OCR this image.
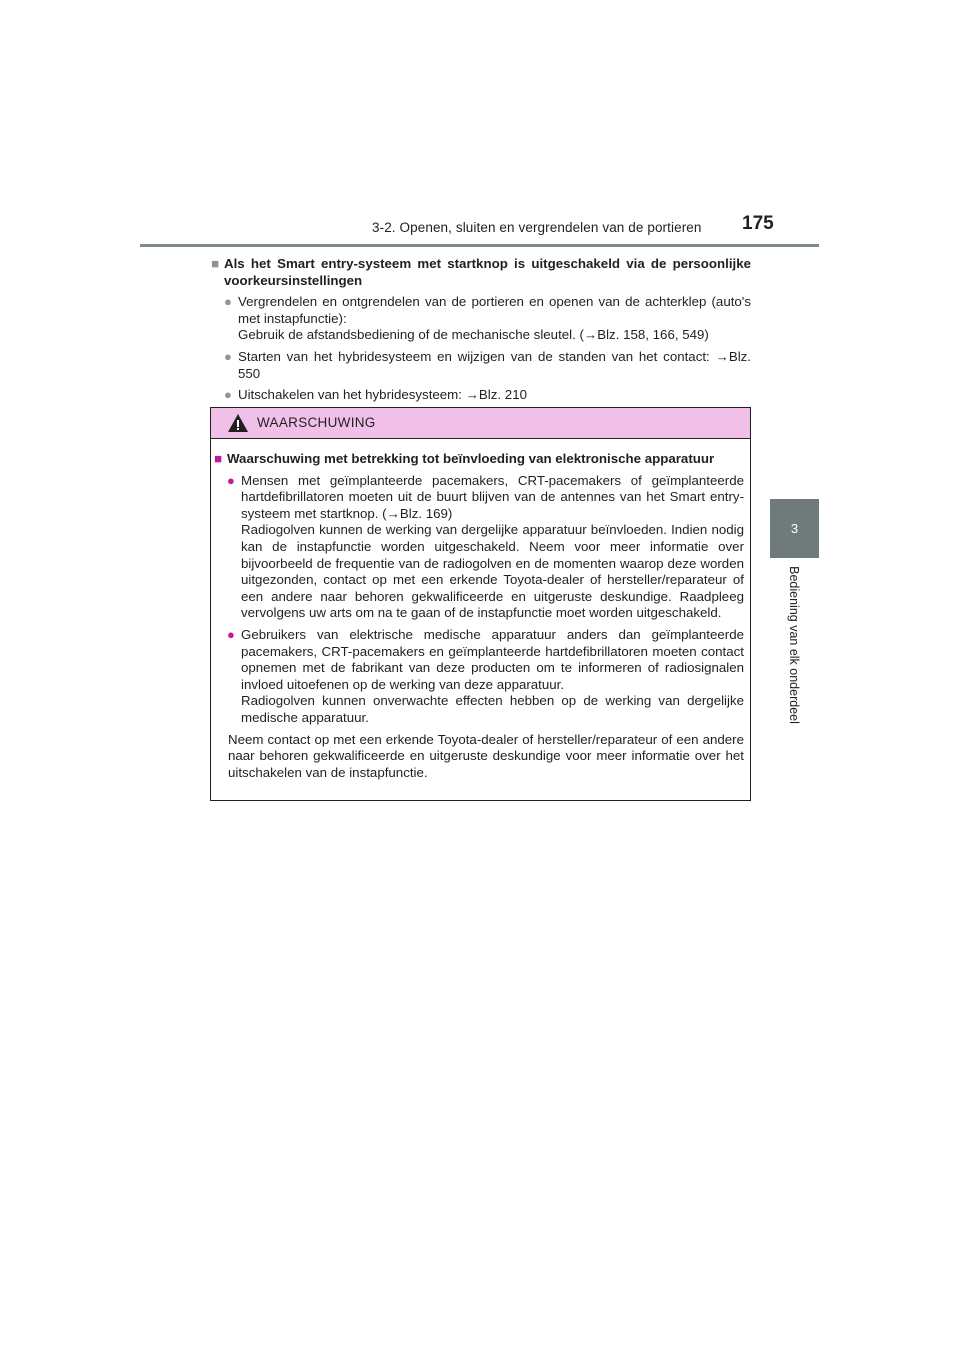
3-2. Openen, sluiten en vergrendelen van de portieren 175
3
Bediening van elk onderdeel
■ Als het Smart entry-systeem met startknop is uitgeschakeld via de persoonlijke voorkeursinstellingen
● Vergrendelen en ontgrendelen van de portieren en openen van de achterklep (auto's met instapfunctie):
Gebruik de afstandsbediening of de mechanische sleutel. (→Blz. 158, 166, 549)
● Starten van het hybridesysteem en wijzigen van de standen van het contact: →Blz. 550
● Uitschakelen van het hybridesysteem: →Blz. 210
WAARSCHUWING
■ Waarschuwing met betrekking tot beïnvloeding van elektronische apparatuur
● Mensen met geïmplanteerde pacemakers, CRT-pacemakers of geïmplanteerde hartdefibrillatoren moeten uit de buurt blijven van de antennes van het Smart entry-systeem met startknop. (→Blz. 169)
Radiogolven kunnen de werking van dergelijke apparatuur beïnvloeden. Indien nodig kan de instapfunctie worden uitgeschakeld. Neem voor meer informatie over bijvoorbeeld de frequentie van de radiogolven en de momenten waarop deze worden uitgezonden, contact op met een erkende Toyota-dealer of hersteller/reparateur of een andere naar behoren gekwalificeerde en uitgeruste deskundige. Raadpleeg vervolgens uw arts om na te gaan of de instapfunctie moet worden uitgeschakeld.
● Gebruikers van elektrische medische apparatuur anders dan geïmplanteerde pacemakers, CRT-pacemakers en geïmplanteerde hartdefibrillatoren moeten contact opnemen met de fabrikant van deze producten om te informeren of radiosignalen invloed uitoefenen op de werking van deze apparatuur.
Radiogolven kunnen onverwachte effecten hebben op de werking van dergelijke medische apparatuur.
Neem contact op met een erkende Toyota-dealer of hersteller/reparateur of een andere naar behoren gekwalificeerde en uitgeruste deskundige voor meer informatie over het uitschakelen van de instapfunctie.
